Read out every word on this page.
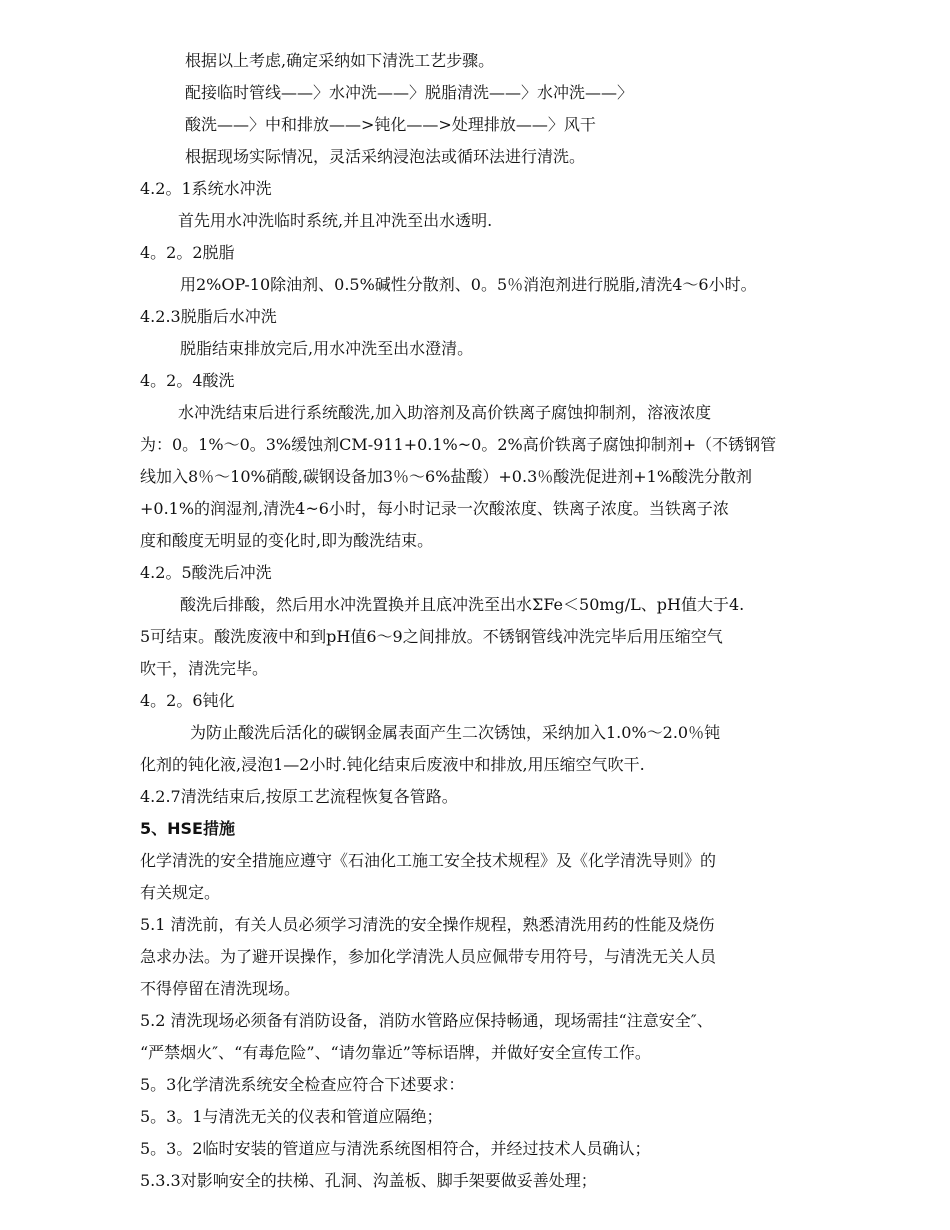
根据以上考虑,确定采纳如下清洗工艺步骤。
配接临时管线——〉水冲洗——〉脱脂清洗——〉水冲洗——〉
酸洗——〉中和排放——>钝化——>处理排放——〉风干
根据现场实际情况，灵活采纳浸泡法或循环法进行清洗。
4.2。1系统水冲洗
首先用水冲洗临时系统,并且冲洗至出水透明.
4。2。2脱脂
用2%OP-10除油剂、0.5%碱性分散剂、0。5％消泡剂进行脱脂,清洗4～6小时。
4.2.3脱脂后水冲洗
脱脂结束排放完后,用水冲洗至出水澄清。
4。2。4酸洗
水冲洗结束后进行系统酸洗,加入助溶剂及高价铁离子腐蚀抑制剂，溶液浓度
为：0。1%～0。3%缓蚀剂CM-911+0.1%~0。2%高价铁离子腐蚀抑制剂+（不锈钢管
线加入8％～10%硝酸,碳钢设备加3％～6%盐酸）+0.3％酸洗促进剂+1%酸洗分散剂
+0.1%的润湿剂,清洗4~6小时，每小时记录一次酸浓度、铁离子浓度。当铁离子浓
度和酸度无明显的变化时,即为酸洗结束。
4.2。5酸洗后冲洗
酸洗后排酸，然后用水冲洗置换并且底冲洗至出水ΣFe＜50mg/L、pH值大于4.
5可结束。酸洗废液中和到pH值6～9之间排放。不锈钢管线冲洗完毕后用压缩空气
吹干，清洗完毕。
4。2。6钝化
为防止酸洗后活化的碳钢金属表面产生二次锈蚀，采纳加入1.0%～2.0％钝
化剂的钝化液,浸泡1—2小时.钝化结束后废液中和排放,用压缩空气吹干.
4.2.7清洗结束后,按原工艺流程恢复各管路。
5、HSE措施
化学清洗的安全措施应遵守《石油化工施工安全技术规程》及《化学清洗导则》的
有关规定。
5.1 清洗前，有关人员必须学习清洗的安全操作规程，熟悉清洗用药的性能及烧伤
急求办法。为了避开误操作，参加化学清洗人员应佩带专用符号，与清洗无关人员
不得停留在清洗现场。
5.2 清洗现场必须备有消防设备，消防水管路应保持畅通，现场需挂“注意安全″、
“严禁烟火″、“有毒危险”、“请勿靠近”等标语牌，并做好安全宣传工作。
5。3化学清洗系统安全检查应符合下述要求：
5。3。1与清洗无关的仪表和管道应隔绝；
5。3。2临时安装的管道应与清洗系统图相符合，并经过技术人员确认；
5.3.3对影响安全的扶梯、孔洞、沟盖板、脚手架要做妥善处理；
